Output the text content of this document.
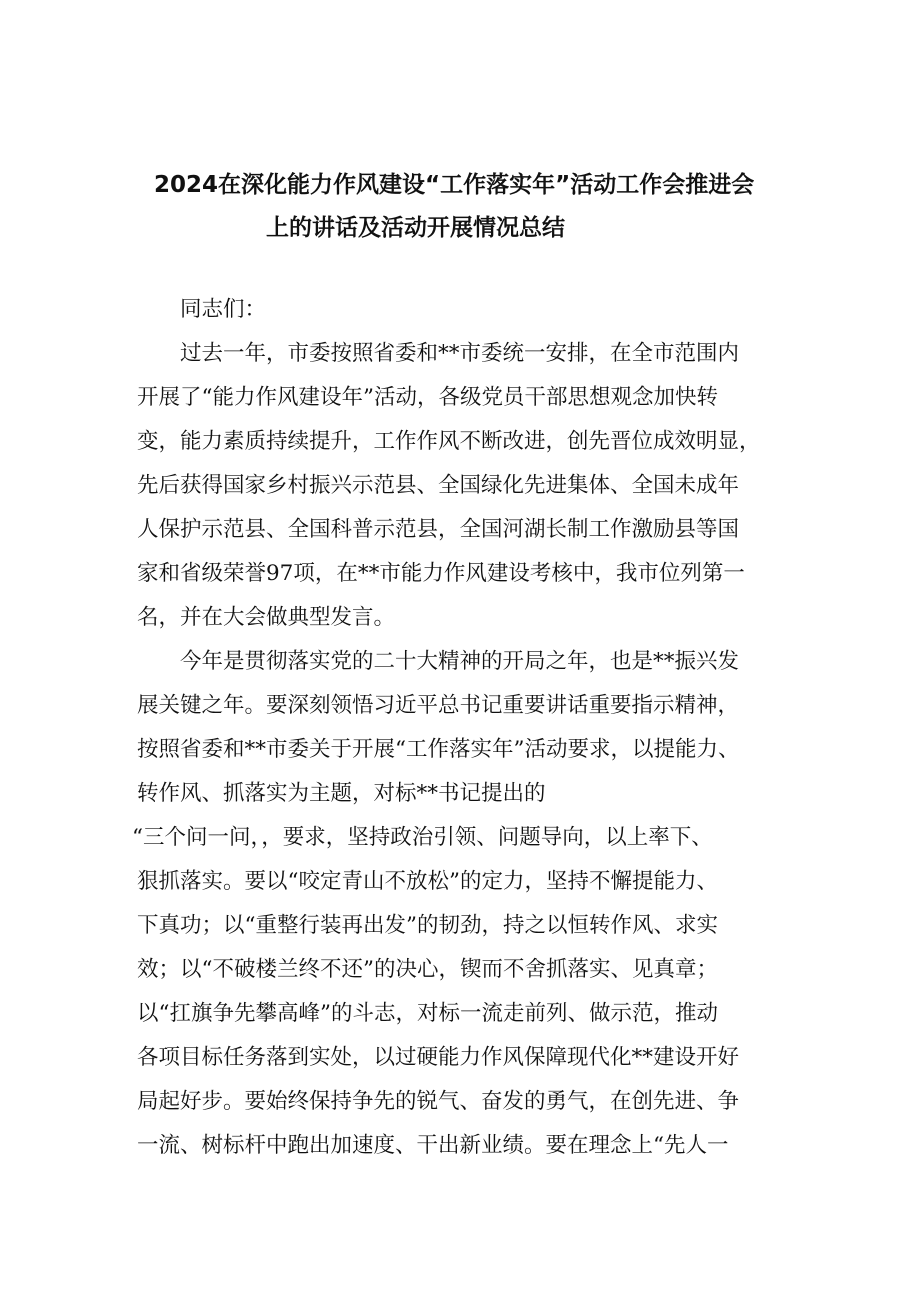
2024在深化能力作风建设“工作落实年”活动工作会推进会
上的讲话及活动开展情况总结
同志们：
过去一年，市委按照省委和**市委统一安排，在全市范围内
开展了“能力作风建设年”活动，各级党员干部思想观念加快转
变，能力素质持续提升，工作作风不断改进，创先晋位成效明显，
先后获得国家乡村振兴示范县、全国绿化先进集体、全国未成年
人保护示范县、全国科普示范县，全国河湖长制工作激励县等国
家和省级荣誉97项，在**市能力作风建设考核中，我市位列第一
名，并在大会做典型发言。
今年是贯彻落实党的二十大精神的开局之年，也是**振兴发
展关键之年。要深刻领悟习近平总书记重要讲话重要指示精神，
按照省委和**市委关于开展“工作落实年”活动要求，以提能力、
转作风、抓落实为主题，对标**书记提出的
“三个问一问，，要求，坚持政治引领、问题导向，以上率下、
狠抓落实。要以“咬定青山不放松”的定力，坚持不懈提能力、
下真功；以“重整行装再出发”的韧劲，持之以恒转作风、求实
效；以“不破楼兰终不还”的决心，锲而不舍抓落实、见真章；
以“扛旗争先攀高峰”的斗志，对标一流走前列、做示范，推动
各项目标任务落到实处，以过硬能力作风保障现代化**建设开好
局起好步。要始终保持争先的锐气、奋发的勇气，在创先进、争
一流、树标杆中跑出加速度、干出新业绩。要在理念上“先人一
